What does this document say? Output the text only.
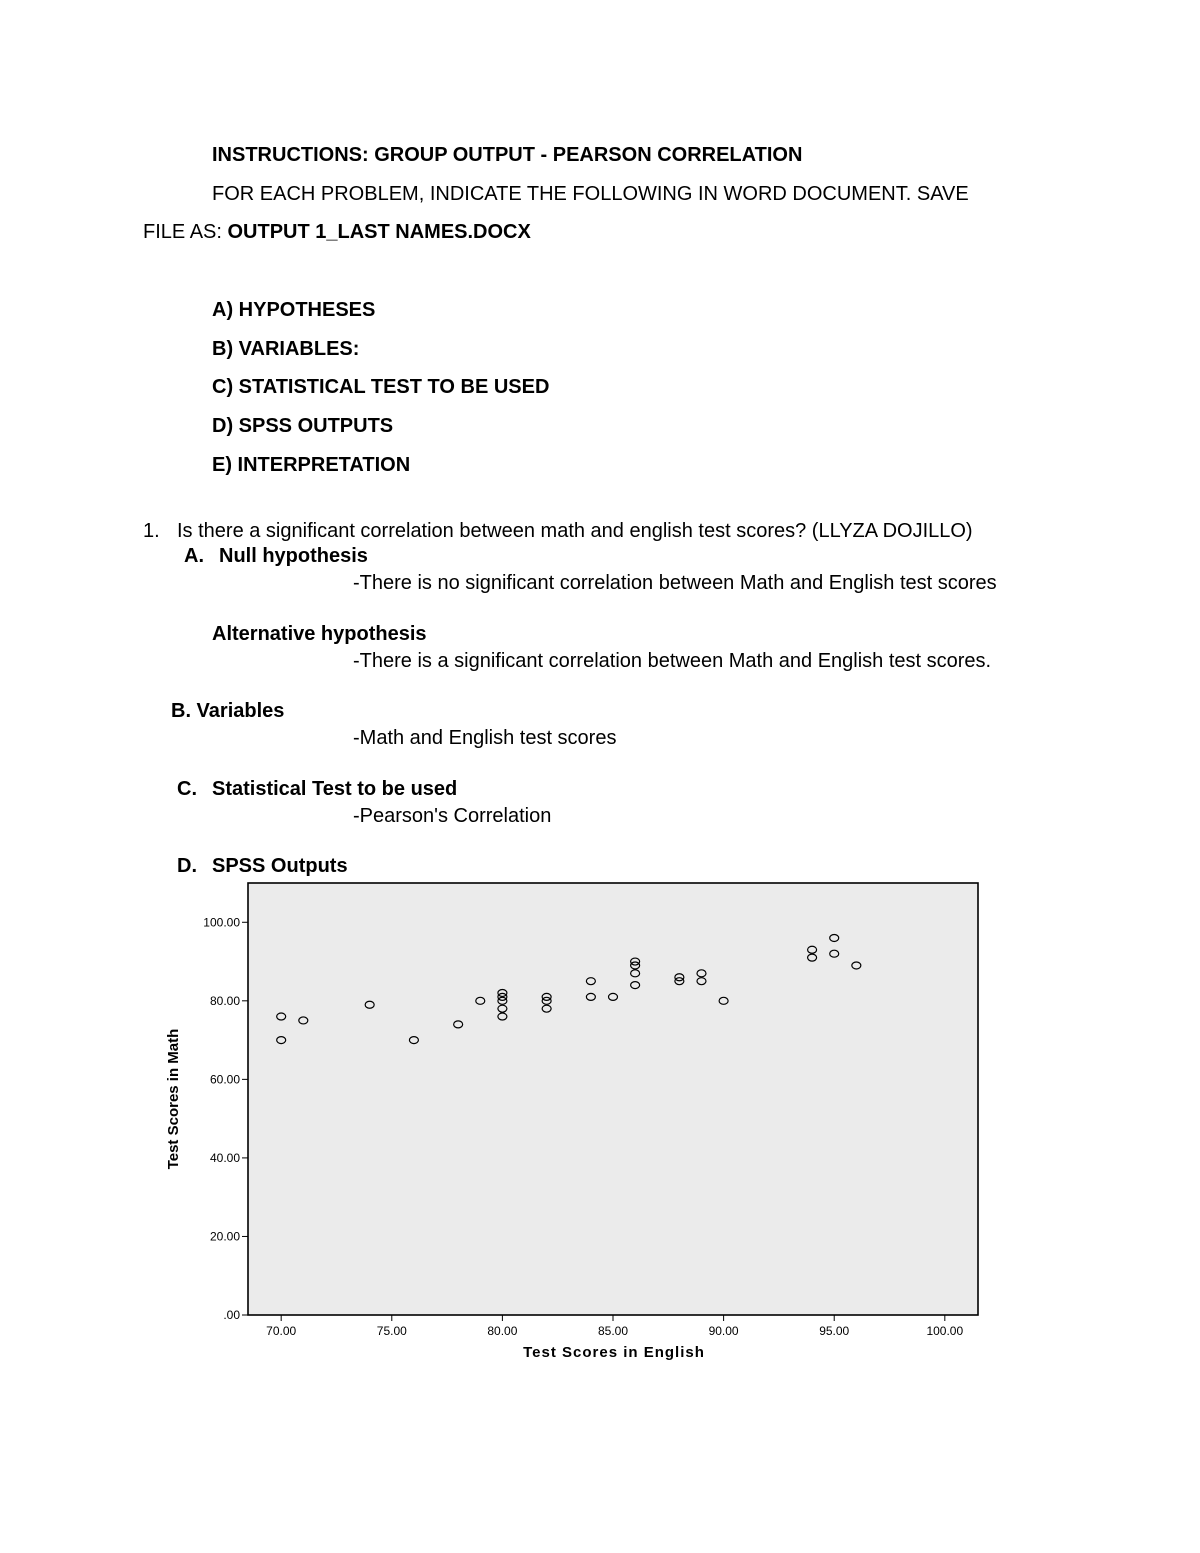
INSTRUCTIONS: GROUP OUTPUT - PEARSON CORRELATION
FOR EACH PROBLEM, INDICATE THE FOLLOWING IN WORD DOCUMENT. SAVE
FILE AS: OUTPUT 1_LAST NAMES.DOCX
A) HYPOTHESES
B) VARIABLES:
C) STATISTICAL TEST TO BE USED
D) SPSS OUTPUTS
E) INTERPRETATION
1. Is there a significant correlation between math and english test scores? (LLYZA DOJILLO)
A. Null hypothesis
-There is no significant correlation between Math and English test scores
Alternative hypothesis
-There is a significant correlation between Math and English test scores.
B. Variables
-Math and English test scores
C. Statistical Test to be used
-Pearson's Correlation
D. SPSS Outputs
70.00	75.00	80.00	85.00	90.00	95.00	100.00
.00
20.00
40.00
60.00
80.00
100.00
Test Scores in English
Test Scores in Math
